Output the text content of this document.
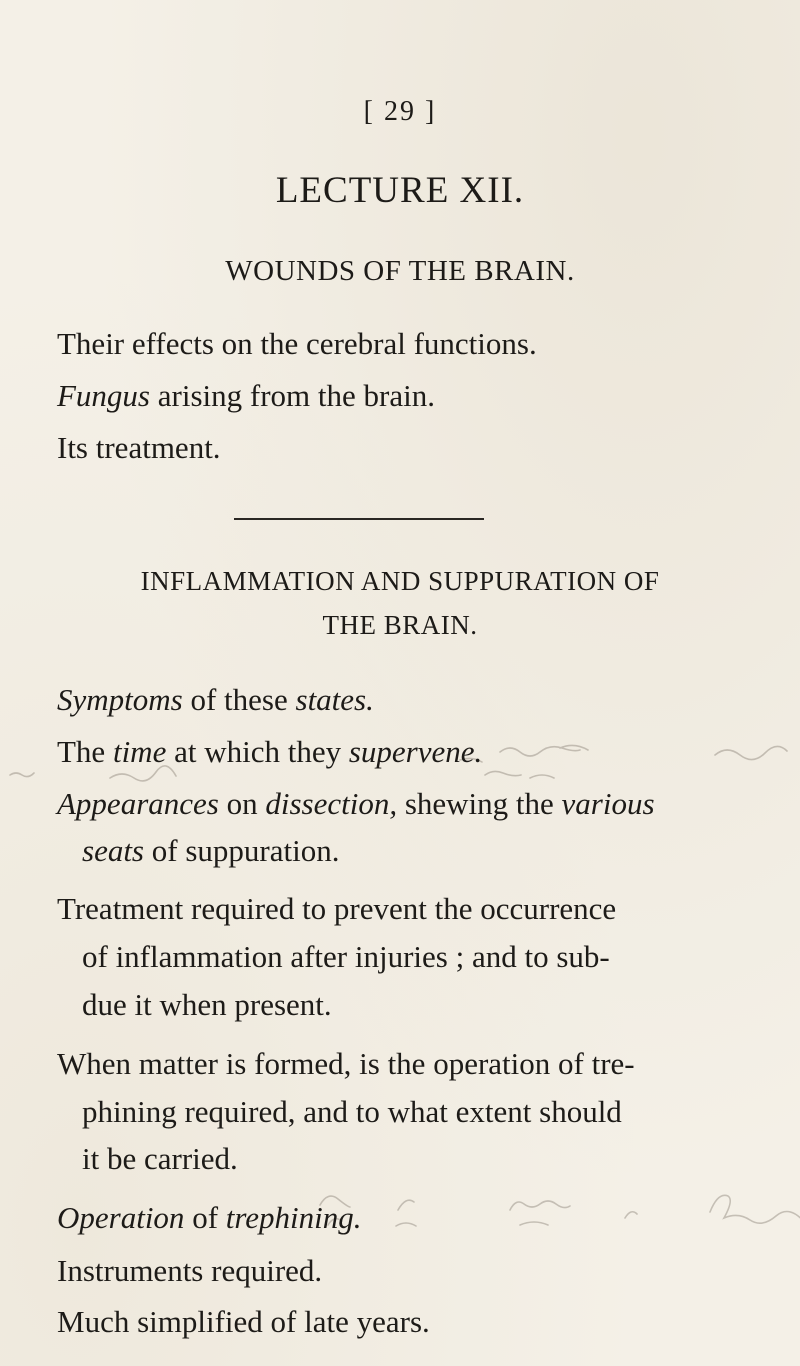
[ 29 ]
LECTURE XII.
WOUNDS OF THE BRAIN.
Their effects on the cerebral functions.
Fungus arising from the brain.
Its treatment.
INFLAMMATION AND SUPPURATION OF
THE BRAIN.
Symptoms of these states.
The time at which they supervene.
Appearances on dissection, shewing the various
seats of suppuration.
Treatment required to prevent the occurrence
of inflammation after injuries ; and to sub-
due it when present.
When matter is formed, is the operation of tre-
phining required, and to what extent should
it be carried.
Operation of trephining.
Instruments required.
Much simplified of late years.
